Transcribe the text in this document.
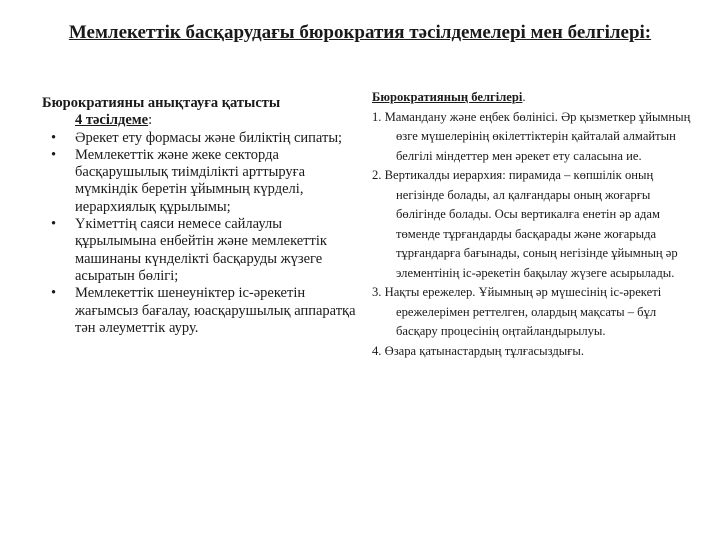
Мемлекеттік басқарудағы бюрократия тәсілдемелері мен белгілері:
Бюрократияны анықтауға қатысты
4 тәсілдеме:
• Әрекет ету формасы және биліктің сипаты;
• Мемлекеттік және жеке секторда басқарушылық тиімділікті арттыруға мүмкіндік беретін ұйымның күрделі, иерархиялық құрылымы;
• Үкіметтің саяси немесе сайлаулы құрылымына енбейтін және мемлекеттік машинаны күнделікті басқаруды жүзеге асыратын бөлігі;
• Мемлекеттік шенеуніктер іс-әрекетін жағымсыз бағалау, юасқарушылық аппаратқа тән әлеуметтік ауру.
Бюрократияның белгілері.
1. Мамандану және еңбек бөлінісі. Әр қызметкер ұйымның өзге мүшелерінің өкілеттіктерін қайталай алмайтын белгілі міндеттер мен әрекет ету саласына ие.
2. Вертикалды иерархия: пирамида – көпшілік оның негізінде болады, ал қалғандары оның жоғарғы бөлігінде болады. Осы вертикалға енетін әр адам төменде тұрғандарды басқарады және жоғарыда тұрғандарға бағынады, соның негізінде ұйымның әр элементінің іс-әрекетін бақылау жүзеге асырылады.
3. Нақты ережелер. Ұйымның әр мүшесінің іс-әрекеті ережелерімен реттелген, олардың мақсаты – бұл басқару процесінің оңтайландырылуы.
4. Өзара қатынастардың тұлғасыздығы.
